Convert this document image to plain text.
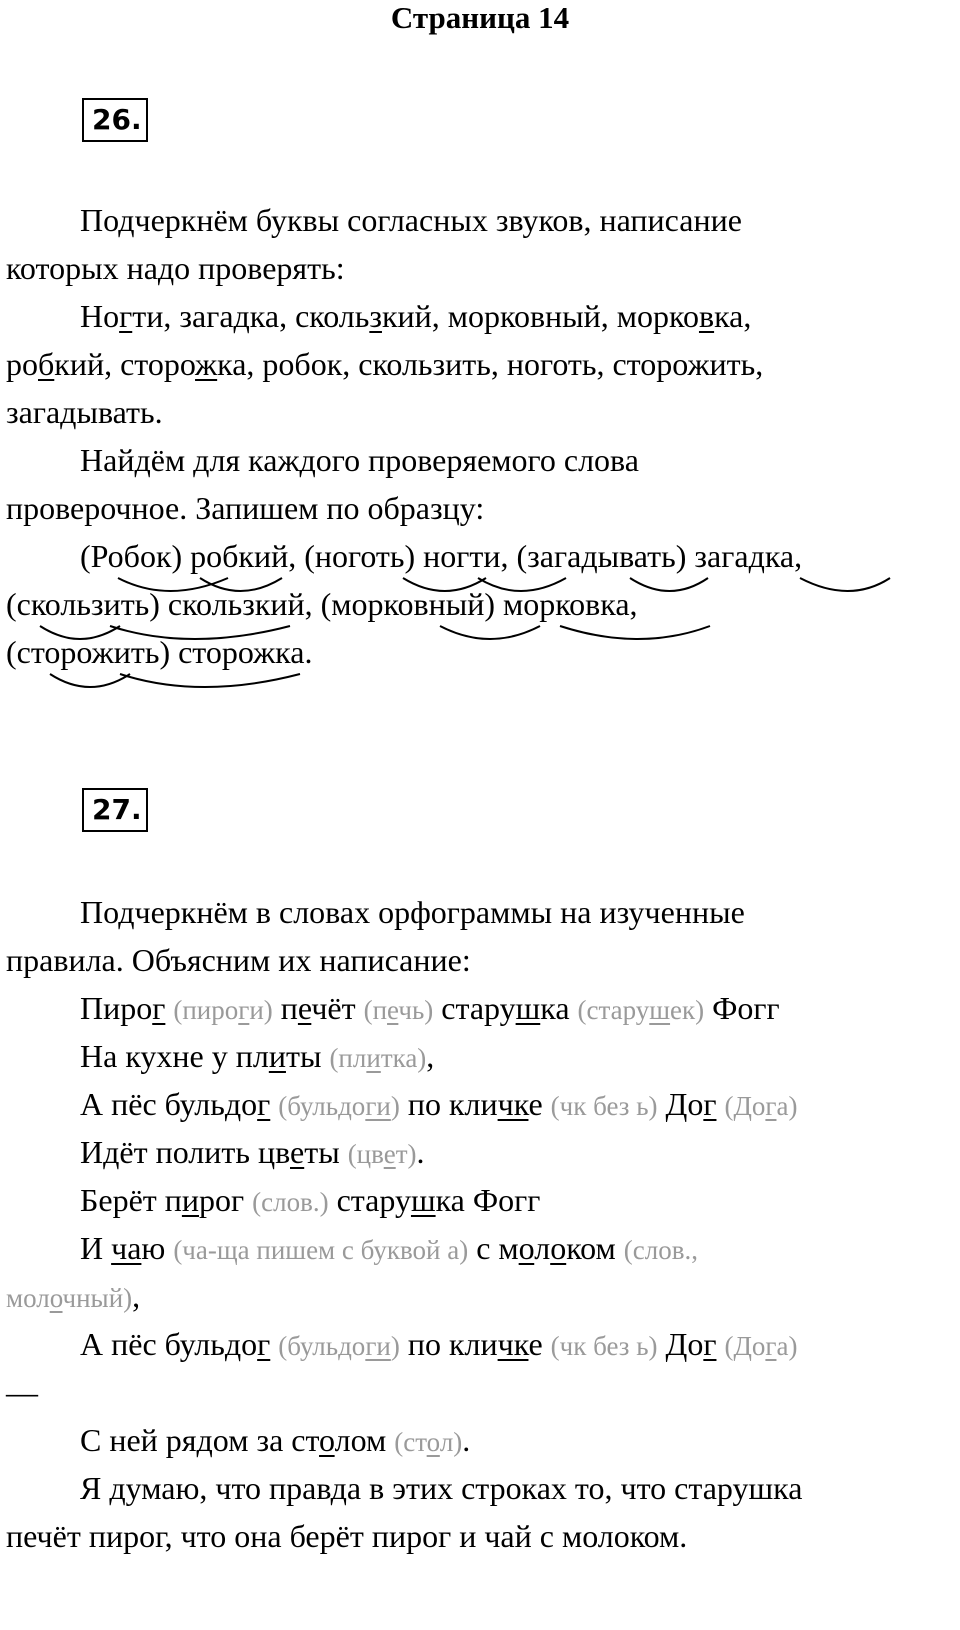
Страница 14
26.
Подчеркнём буквы согласных звуков, написание
которых надо проверять:
Ногти, загадка, скользкий, морковный, морковка,
робкий, сторожка, робок, скользить, ноготь, сторожить,
загадывать.
Найдём для каждого проверяемого слова
проверочное. Запишем по образцу:
(Робок) робкий, (ноготь) ногти, (загадывать) загадка,
(скользить) скользкий, (морковный) морковка,
(сторожить) сторожка.
27.
Подчеркнём в словах орфограммы на изученные
правила. Объясним их написание:
Пирог (пироги) печёт (печь) старушка (старушек) Фогг
На кухне у плиты (плитка),
А пёс бульдог (бульдоги) по кличке (чк без ь) Дог (Дога)
Идёт полить цветы (цвет).
Берёт пирог (слов.) старушка Фогг
И чаю (ча-ща пишем с буквой а) с молоком (слов.,
молочный),
А пёс бульдог (бульдоги) по кличке (чк без ь) Дог (Дога)
—
С ней рядом за столом (стол).
Я думаю, что правда в этих строках то, что старушка
печёт пирог, что она берёт пирог и чай с молоком.
